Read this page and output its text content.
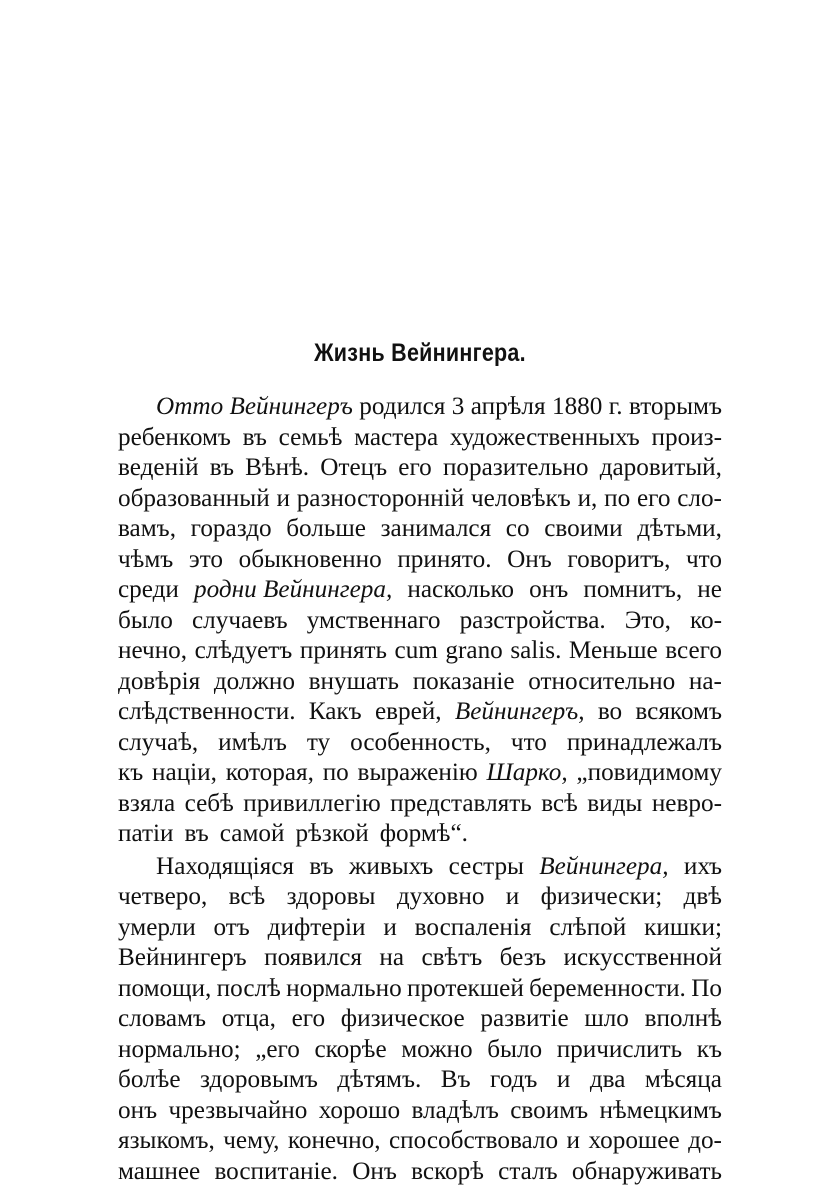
Жизнь Вейнингера.
Отто Вейнингеръ родился 3 апрѣля 1880 г. вторымъ
ребенкомъ въ семьѣ мастера художественныхъ произ-
веденій въ Вѣнѣ. Отецъ его поразительно даровитый,
образованный и разносторонній человѣкъ и, по его сло-
вамъ, гораздо больше занимался со своими дѣтьми,
чѣмъ это обыкновенно принято. Онъ говоритъ, что
среди родни Вейнингера, насколько онъ помнитъ, не
было случаевъ умственнаго разстройства. Это, ко-
нечно, слѣдуетъ принять cum grano salis. Меньше всего
довѣрія должно внушать показаніе относительно на-
слѣдственности. Какъ еврей, Вейнингеръ, во всякомъ
случаѣ, имѣлъ ту особенность, что принадлежалъ
къ націи, которая, по выраженію Шарко, „повидимому
взяла себѣ привиллегію представлять всѣ виды невро-
патіи въ самой рѣзкой формѣ“.
Находящіяся въ живыхъ сестры Вейнингера, ихъ
четверо, всѣ здоровы духовно и физически; двѣ
умерли отъ дифтеріи и воспаленія слѣпой кишки;
Вейнингеръ появился на свѣтъ безъ искусственной
помощи, послѣ нормально протекшей беременности. По
словамъ отца, его физическое развитіе шло вполнѣ
нормально; „его скорѣе можно было причислить къ
болѣе здоровымъ дѣтямъ. Въ годъ и два мѣсяца
онъ чрезвычайно хорошо владѣлъ своимъ нѣмецкимъ
языкомъ, чему, конечно, способствовало и хорошее до-
машнее воспитаніе. Онъ вскорѣ сталъ обнаруживать
